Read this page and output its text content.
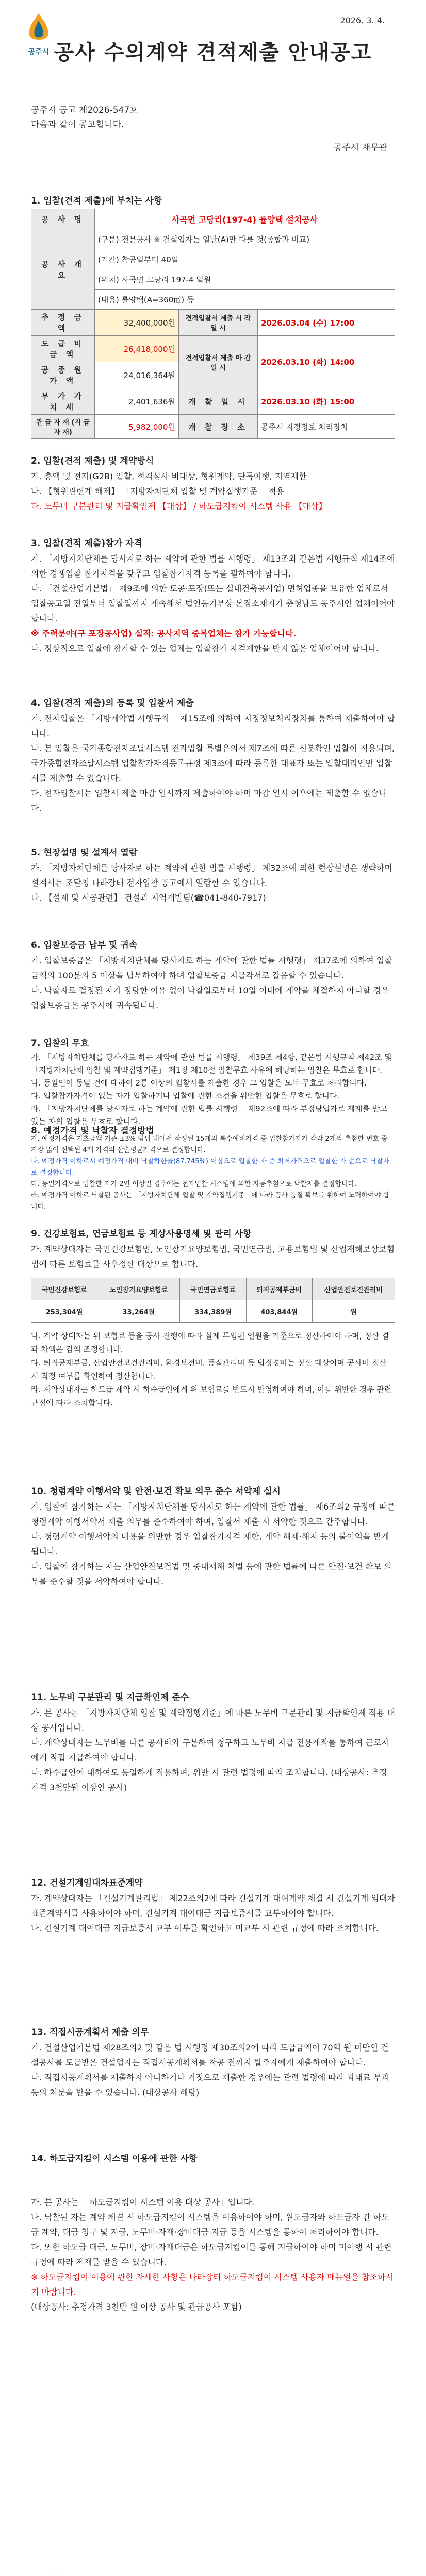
공주시
2026. 3. 4.
공사 수의계약 견적제출 안내공고
공주시 공고 제2026-547호
다음과 같이 공고합니다.
공주시 재무관
1. 입찰(견적 제출)에 부치는 사항
공 사 명	사곡면 고당리(197-4) 률양택 설치공사		
공 사 개 요	(구분) 전문공사 ※ 건설업자는 일반(A)만 다룰 것(종합과 비교)		
	(기간) 착공일부터 40일		
	(위치) 사곡면 고당리 197-4 일원		
	(내용) 률양택(A=360㎡) 등		
추 정 금 액	32,400,000원	견적입찰서 제출 시 작 일 시	2026.03.04 (수) 17:00
도 급 비 금 액	26,418,000원	견적입찰서 제출 마 감 일 시	2026.03.10 (화) 14:00
공 종 원 가 액	24,016,364원		
부 가 가 치 세	2,401,636원	개 찰 일 시	2026.03.10 (화) 15:00
관 급 자 재 (지 급 자 재)	5,982,000원	개 찰 장 소	공주시 지정정보 처리장치
2. 입찰(견적 제출) 및 계약방식

가. 총액 및 전자(G2B) 입찰, 적격심사 비대상, 형원계약, 단독이행, 지역제한

나. 【형원관련계 해제】 「지방자치단체 입찰 및 계약집행기준」 적용

다. 노무비 구분관리 및 지급확인제 【대상】 / 하도급지킴이 시스템 사용 【대상】

3. 입찰(견적 제출)참가 자격

가. 「지방자치단체를 당사자로 하는 계약에 관한 법률 시행령」 제13조와 같은법 시행규칙 제14조에 의한 경쟁입찰 참가자격을 갖추고 입찰참가자격 등록을 필하여야 합니다.

나. 「건설산업기본법」 제9조에 의한 토공·포장(또는 실내건축공사업) 면허업종을 보유한 업체로서 입찰공고일 전일부터 입찰일까지 계속해서 법인등기부상 본점소재지가 충청남도 공주시인 업체이어야 합니다.

※ 주력분야(구 포장공사업) 실적: 공사지역 중복업체는 참가 가능합니다.

다. 정상적으로 입찰에 참가할 수 있는 업체는 입찰참가 자격제한을 받지 않은 업체이어야 합니다.

4. 입찰(견적 제출)의 등록 및 입찰서 제출

가. 전자입찰은 「지방계약법 시행규칙」 제15조에 의하여 지정정보처리장치를 통하여 제출하여야 합니다.

나. 본 입찰은 국가종합전자조달시스템 전자입찰 특별유의서 제7조에 따른 신분확인 입찰이 적용되며, 국가종합전자조달시스템 입찰참가자격등록규정 제3조에 따라 등록한 대표자 또는 입찰대리인만 입찰서를 제출할 수 있습니다.

다. 전자입찰서는 입찰서 제출 마감 일시까지 제출하여야 하며 마감 일시 이후에는 제출할 수 없습니다.

5. 현장설명 및 설계서 열람

가. 「지방자치단체를 당사자로 하는 계약에 관한 법률 시행령」 제32조에 의한 현장설명은 생략하며 설계서는 조달청 나라장터 전자입찰 공고에서 열람할 수 있습니다.

나. 【설계 및 시공관련】 건설과 지역개발팀(☎041-840-7917)

6. 입찰보증금 납부 및 귀속

가. 입찰보증금은 「지방자치단체를 당사자로 하는 계약에 관한 법률 시행령」 제37조에 의하여 입찰금액의 100분의 5 이상을 납부하여야 하며 입찰보증금 지급각서로 갈음할 수 있습니다.

나. 낙찰자로 결정된 자가 정당한 이유 없이 낙찰일로부터 10일 이내에 계약을 체결하지 아니할 경우 입찰보증금은 공주시에 귀속됩니다.

7. 입찰의 무효

가. 「지방자치단체를 당사자로 하는 계약에 관한 법률 시행령」 제39조 제4항, 같은법 시행규칙 제42조 및 「지방자치단체 입찰 및 계약집행기준」 제1장 제10절 입찰무효 사유에 해당하는 입찰은 무효로 합니다.

나. 동일인이 동일 건에 대하여 2통 이상의 입찰서를 제출한 경우 그 입찰은 모두 무효로 처리합니다.

다. 입찰참가자격이 없는 자가 입찰하거나 입찰에 관한 조건을 위반한 입찰은 무효로 합니다.

라. 「지방자치단체를 당사자로 하는 계약에 관한 법률 시행령」 제92조에 따라 부정당업자로 제재를 받고 있는 자의 입찰은 무효로 합니다.

8. 예정가격 및 낙찰자 결정방법

가. 예정가격은 기초금액 기준 ±3% 범위 내에서 작성된 15개의 복수예비가격 중 입찰참가자가 각각 2개씩 추첨한 번호 중 가장 많이 선택된 4개 가격의 산술평균가격으로 결정합니다.

나. 예정가격 이하로서 예정가격 대비 낙찰하한율(87.745%) 이상으로 입찰한 자 중 최저가격으로 입찰한 자 순으로 낙찰자로 결정합니다.

다. 동일가격으로 입찰한 자가 2인 이상일 경우에는 전자입찰 시스템에 의한 자동추첨으로 낙찰자를 결정합니다.

라. 예정가격 이하로 낙찰된 공사는 「지방자치단체 입찰 및 계약집행기준」에 따라 공사 품질 확보를 위하여 노력하여야 합니다.

9. 건강보험료, 연금보험료 등 계상사용명세 및 관리 사항

가. 계약상대자는 국민건강보험법, 노인장기요양보험법, 국민연금법, 고용보험법 및 산업재해보상보험법에 따른 보험료를 사후정산 대상으로 합니다.

국민건강보험료	노인장기요양보험료	국민연금보험료	퇴직공제부금비	산업안전보건관리비
253,304원	33,264원	334,389원	403,844원	원

나. 계약 상대자는 위 보험료 등을 공사 진행에 따라 실제 투입된 인원을 기준으로 정산하여야 하며, 정산 결과 차액은 감액 조정합니다.

다. 퇴직공제부금, 산업안전보건관리비, 환경보전비, 품질관리비 등 법정경비는 정산 대상이며 공사비 정산 시 적정 여부를 확인하여 정산합니다.

라. 계약상대자는 하도급 계약 시 하수급인에게 위 보험료를 반드시 반영하여야 하며, 이를 위반한 경우 관련 규정에 따라 조치합니다.

10. 청렴계약 이행서약 및 안전·보건 확보 의무 준수 서약제 실시

가. 입찰에 참가하는 자는 「지방자치단체를 당사자로 하는 계약에 관한 법률」 제6조의2 규정에 따른 청렴계약 이행서약서 제출 의무를 준수하여야 하며, 입찰서 제출 시 서약한 것으로 간주합니다.

나. 청렴계약 이행서약의 내용을 위반한 경우 입찰참가자격 제한, 계약 해제·해지 등의 불이익을 받게 됩니다.

다. 입찰에 참가하는 자는 산업안전보건법 및 중대재해 처벌 등에 관한 법률에 따른 안전·보건 확보 의무를 준수할 것을 서약하여야 합니다.

11. 노무비 구분관리 및 지급확인제 준수

가. 본 공사는 「지방자치단체 입찰 및 계약집행기준」에 따른 노무비 구분관리 및 지급확인제 적용 대상 공사입니다.

나. 계약상대자는 노무비를 다른 공사비와 구분하여 청구하고 노무비 지급 전용계좌를 통하여 근로자에게 직접 지급하여야 합니다.

다. 하수급인에 대하여도 동일하게 적용하며, 위반 시 관련 법령에 따라 조치합니다. (대상공사: 추정가격 3천만원 이상인 공사)

12. 건설기계임대차표준계약

가. 계약상대자는 「건설기계관리법」 제22조의2에 따라 건설기계 대여계약 체결 시 건설기계 임대차 표준계약서를 사용하여야 하며, 건설기계 대여대금 지급보증서를 교부하여야 합니다.

나. 건설기계 대여대금 지급보증서 교부 여부를 확인하고 미교부 시 관련 규정에 따라 조치합니다.

13. 직접시공계획서 제출 의무

가. 건설산업기본법 제28조의2 및 같은 법 시행령 제30조의2에 따라 도급금액이 70억 원 미만인 건설공사를 도급받은 건설업자는 직접시공계획서를 착공 전까지 발주자에게 제출하여야 합니다.

나. 직접시공계획서를 제출하지 아니하거나 거짓으로 제출한 경우에는 관련 법령에 따라 과태료 부과 등의 처분을 받을 수 있습니다. (대상공사 해당)

14. 하도급지킴이 시스템 이용에 관한 사항

가. 본 공사는 「하도급지킴이 시스템 이용 대상 공사」입니다.

나. 낙찰된 자는 계약 체결 시 하도급지킴이 시스템을 이용하여야 하며, 원도급자와 하도급자 간 하도급 계약, 대금 청구 및 지급, 노무비·자재·장비대금 지급 등을 시스템을 통하여 처리하여야 합니다.

다. 또한 하도급 대금, 노무비, 장비·자재대금은 하도급지킴이를 통해 지급하여야 하며 미이행 시 관련 규정에 따라 제재를 받을 수 있습니다.

※ 하도급지킴이 이용에 관한 자세한 사항은 나라장터 하도급지킴이 시스템 사용자 매뉴얼을 참조하시기 바랍니다.

(대상공사: 추정가격 3천만 원 이상 공사 및 관급공사 포함)
